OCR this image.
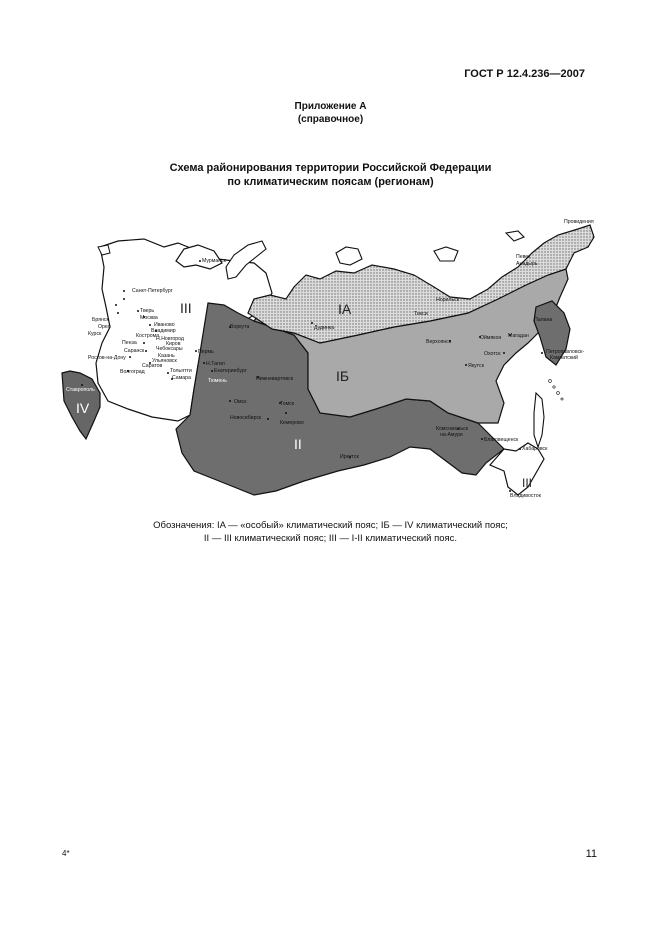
ГОСТ Р 12.4.236—2007
Приложение А
(справочное)
Схема районирования территории Российской Федерации
по климатическим поясам (регионам)
III	IA
IБ
II
III
IV
Мурманск
Санкт-Петербург
Тверь
Москва
Иваново
Владимир
Брянск
Орел
Курск	Кострома
Н.Новгород
Пенза	Киров
Чебоксары
Саранск
Казань
Ульяновск
Ростов-на-Дону
Саратов
Тольятти
Самара
Волгоград
Ставрополь
Пермь
Н.Тагил
Екатеринбург
Тюмень
Воркута
Нижневартовск
Омск	Томск
Новосибирск
Кемерово
Иркутск
Дудинка
Норильск
Тикси
Верхоянск
Оймякон Магадан
Охотск
Якутск
Комсомольск
на-Амуре
Благовещенск
Хабаровск
Владивосток
Певек
Анадырь
Провидения
Палана
Петропавловск-
Камчатский
Обозначения: IA — «особый» климатический пояс; IБ — IV климатический пояс;
II — III климатический пояс; III — I-II климатический пояс.
4*	11
